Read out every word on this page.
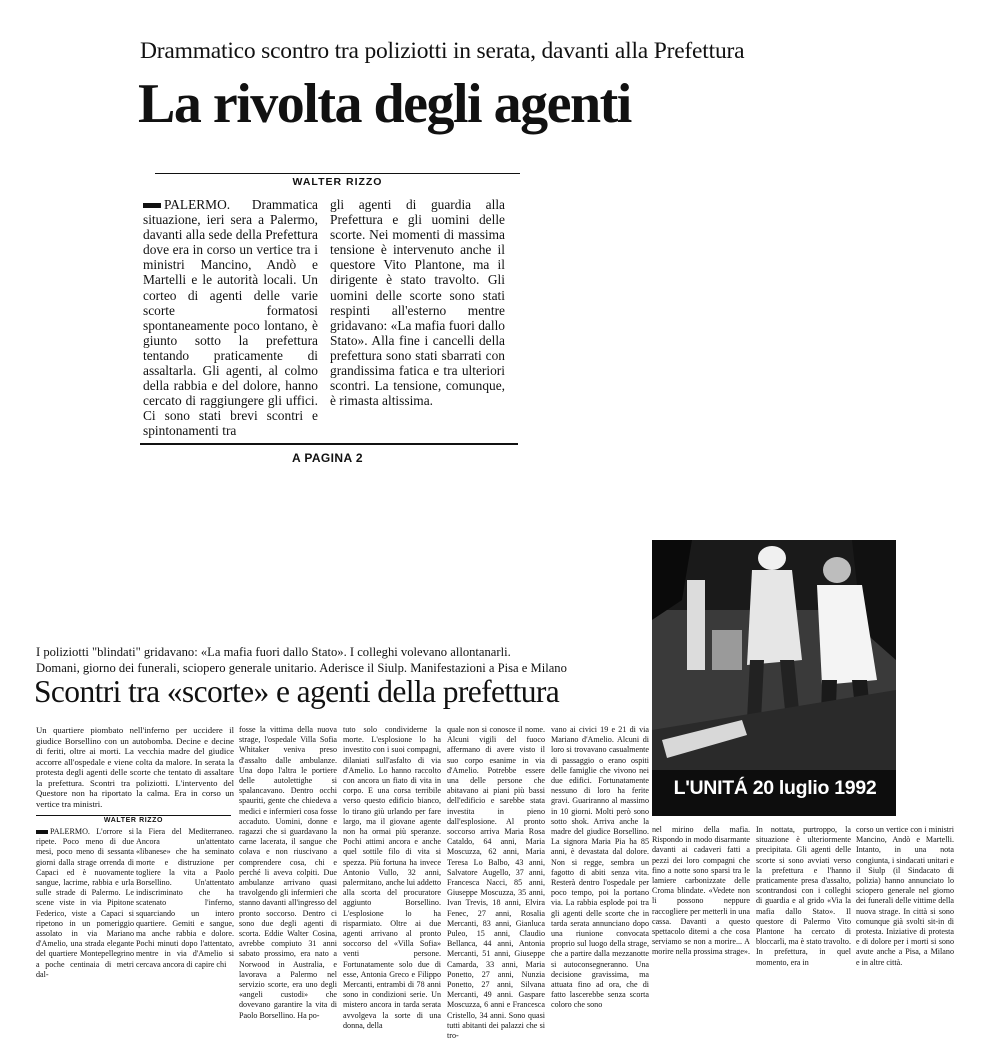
Drammatico scontro tra poliziotti in serata, davanti alla Prefettura
La rivolta degli agenti
WALTER RIZZO
PALERMO. Drammatica situazione, ieri sera a Palermo, davanti alla sede della Prefettura dove era in corso un vertice tra i ministri Mancino, Andò e Martelli e le autorità locali. Un corteo di agenti delle varie scorte formatosi spontaneamente poco lontano, è giunto sotto la prefettura tentando praticamente di assaltarla. Gli agenti, al colmo della rabbia e del dolore, hanno cercato di raggiungere gli uffici. Ci sono stati brevi scontri e spintonamenti tra
gli agenti di guardia alla Prefettura e gli uomini delle scorte. Nei momenti di massima tensione è intervenuto anche il questore Vito Plantone, ma il dirigente è stato travolto. Gli uomini delle scorte sono stati respinti all'esterno mentre gridavano: «La mafia fuori dallo Stato». Alla fine i cancelli della prefettura sono stati sbarrati con grandissima fatica e tra ulteriori scontri. La tensione, comunque, è rimasta altissima.
A PAGINA 2
L'UNITÁ 20 luglio 1992
I poliziotti "blindati" gridavano: «La mafia fuori dallo Stato». I colleghi volevano allontanarli.
Domani, giorno dei funerali, sciopero generale unitario. Aderisce il Siulp. Manifestazioni a Pisa e Milano
Scontri tra «scorte» e agenti della prefettura
Un quartiere piombato nell'inferno per uccidere il giudice Borsellino con un autobomba. Decine e decine di feriti, oltre ai morti. La vecchia madre del giudice accorre all'ospedale e viene colta da malore. In serata la protesta degli agenti delle scorte che tentato di assaltare la prefettura. Scontri tra poliziotti. L'intervento del Questore non ha riportato la calma. Era in corso un vertice tra ministri.
WALTER RIZZO
PALERMO. L'orrore si ripete. Poco meno di due mesi, poco meno di sessanta giorni dalla strage orrenda di Capaci ed è nuovamente sangue, lacrime, rabbia e urla sulle strade di Palermo. Le scene viste in via Pipitone Federico, viste a Capaci si ripetono in un pomeriggio assolato in via Mariano d'Amelio, una strada elegante del quartiere Montepellegrino a poche centinaia di metri dal-
la Fiera del Mediterraneo. Ancora un'attentato «libanese» che ha seminato morte e distruzione per togliere la vita a Paolo Borsellino. Un'attentato indiscriminato che ha scatenato l'inferno, squarciando un intero quartiere. Gemiti e sangue, ma anche rabbia e dolore. Pochi minuti dopo l'attentato, mentre in via d'Amelio si cercava ancora di capire chi
fosse la vittima della nuova strage, l'ospedale Villa Sofia Whitaker veniva preso d'assalto dalle ambulanze. Una dopo l'altra le portiere delle autolettighe si spalancavano. Dentro occhi spauriti, gente che chiedeva a medici e infermieri cosa fosse accaduto. Uomini, donne e ragazzi che si guardavano la carne lacerata, il sangue che colava e non riuscivano a comprendere cosa, chi e perché li aveva colpiti. Due ambulanze arrivano quasi travolgendo gli infermieri che stanno davanti all'ingresso del pronto soccorso. Dentro ci sono due degli agenti di scorta. Eddie Walter Cosina, avrebbe compiuto 31 anni sabato prossimo, era nato a Norwood in Australia, e lavorava a Palermo nel servizio scorte, era uno degli «angeli custodi» che dovevano garantire la vita di Paolo Borsellino. Ha po-
tuto solo condividerne la morte. L'esplosione lo ha investito con i suoi compagni, dilaniati sull'asfalto di via d'Amelio. Lo hanno raccolto con ancora un fiato di vita in corpo. E una corsa terribile verso questo edificio bianco, lo tirano giù urlando per fare largo, ma il giovane agente non ha ormai più speranze. Pochi attimi ancora e anche quel sottile filo di vita si spezza. Più fortuna ha invece Antonio Vullo, 32 anni, palermitano, anche lui addetto alla scorta del procuratore aggiunto Borsellino. L'esplosione lo ha risparmiato. Oltre ai due agenti arrivano al pronto soccorso del «Villa Sofia» venti persone. Fortunatamente solo due di esse, Antonia Greco e Filippo Mercanti, entrambi di 78 anni sono in condizioni serie. Un mistero ancora in tarda serata avvolgeva la sorte di una donna, della
quale non si conosce il nome. Alcuni vigili del fuoco affermano di avere visto il suo corpo esanime in via d'Amelio. Potrebbe essere una delle persone che abitavano ai piani più bassi dell'edificio e sarebbe stata investita in pieno dall'esplosione. Al pronto soccorso arriva Maria Rosa Cataldo, 64 anni, Maria Moscuzza, 62 anni, Maria Teresa Lo Balbo, 43 anni, Salvatore Augello, 37 anni, Francesca Nacci, 85 anni, Giuseppe Moscuzza, 35 anni, Ivan Trevis, 18 anni, Elvira Fenec, 27 anni, Rosalia Mercanti, 83 anni, Gianluca Puleo, 15 anni, Claudio Bellanca, 44 anni, Antonia Mercanti, 51 anni, Giuseppe Camarda, 33 anni, Maria Ponetto, 27 anni, Nunzia Ponetto, 27 anni, Silvana Mercanti, 49 anni. Gaspare Moscuzza, 6 anni e Francesca Cristello, 34 anni. Sono quasi tutti abitanti dei palazzi che si tro-
vano ai civici 19 e 21 di via Mariano d'Amelio. Alcuni di loro si trovavano casualmente di passaggio o erano ospiti delle famiglie che vivono nei due edifici. Fortunatamente nessuno di loro ha ferite gravi. Guariranno al massimo in 10 giorni. Molti però sono sotto shok. Arriva anche la madre del giudice Borsellino. La signora Maria Pia ha 85 anni, è devastata dal dolore. Non si regge, sembra un fagotto di abiti senza vita. Resterà dentro l'ospedale per poco tempo, poi la portano via. La rabbia esplode poi tra gli agenti delle scorte che in tarda serata annunciano dopo una riunione convocata proprio sul luogo della strage, che a partire dalla mezzanotte si autoconsegneranno. Una decisione gravissima, ma attuata fino ad ora, che di fatto lascerebbe senza scorta coloro che sono
nel mirino della mafia. Rispondo in modo disarmante davanti ai cadaveri fatti a pezzi dei loro compagni che fino a notte sono sparsi tra le lamiere carbonizzate delle Croma blindate. «Vedete non li possono neppure raccogliere per metterli in una cassa. Davanti a questo spettacolo ditemi a che cosa serviamo se non a morire... A morire nella prossima strage».
In nottata, purtroppo, la situazione è ulteriormente precipitata. Gli agenti delle scorte si sono avviati verso la prefettura e l'hanno praticamente presa d'assalto, scontrandosi con i colleghi di guardia e al grido «Via la mafia dallo Stato». Il questore di Palermo Vito Plantone ha cercato di bloccarli, ma è stato travolto. In prefettura, in quel momento, era in
corso un vertice con i ministri Mancino, Andò e Martelli. Intanto, in una nota congiunta, i sindacati unitari e il Siulp (il Sindacato di polizia) hanno annunciato lo sciopero generale nel giorno dei funerali delle vittime della nuova strage. In città si sono comunque già svolti sit-in di protesta. Iniziative di protesta e di dolore per i morti si sono avute anche a Pisa, a Milano e in altre città.
